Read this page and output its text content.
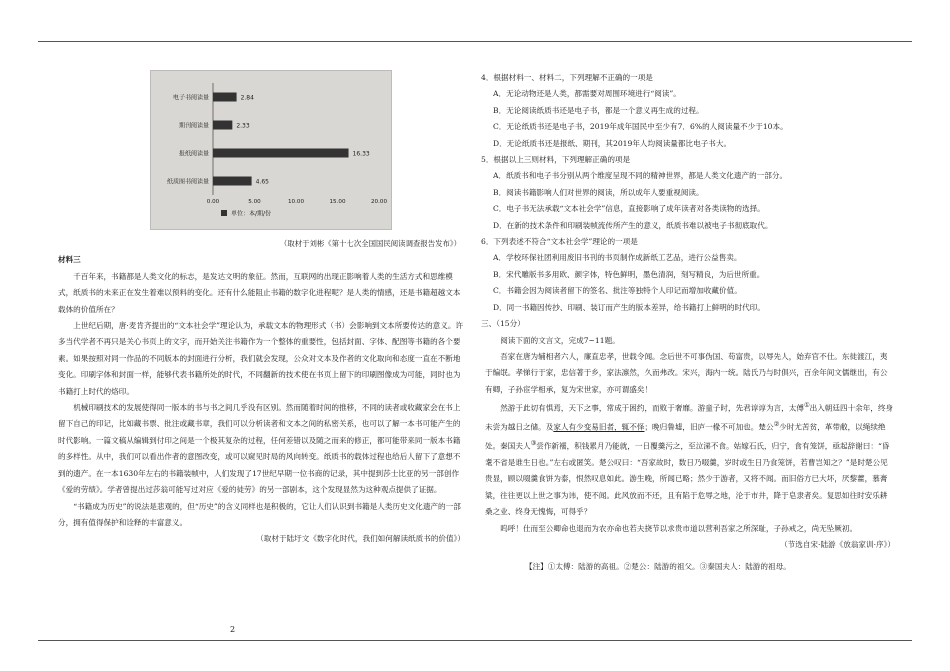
电子书阅读量	2.84
期刊阅读量	2.33
报纸阅读量	16.33
纸质图书阅读量	4.65
0.00	5.00	10.00	15.00	20.00
单位：本/期/份

（取材于刘彬《第十七次全国国民阅读调查报告发布》）

材料三

千百年来，书籍都是人类文化的标志，是发达文明的象征。然而，互联网的出现正影响着人类的生活方式和思维模式，纸质书的未来正在发生着难以预料的变化。还有什么能阻止书籍的数字化进程呢？是人类的情感，还是书籍超越文本载体的价值所在？

上世纪后期，唐·麦肯齐提出的“文本社会学”理论认为，承载文本的物理形式（书）会影响到文本所要传达的意义。许多当代学者不再只是关心书页上的文字，而开始关注书籍作为一个整体的重要性，包括封面、字体、配图等书籍的各个要素。如果按照对同一作品的不同版本的封面进行分析，我们就会发现，公众对文本及作者的文化取向和态度一直在不断地变化。印刷字体和封面一样，能够代表书籍所处的时代，不同翻新的技术使在书页上留下的印刷图像成为可能，同时也为书籍打上时代的烙印。

机械印刷技术的发展使得同一版本的书与书之间几乎没有区别。然而随着时间的推移，不同的读者或收藏家会在书上留下自己的印记，比如藏书票、批注或藏书章，我们可以分析读者和文本之间的私密关系，也可以了解一本书可能产生的时代影响。一篇文稿从编辑到付印之间是一个极其复杂的过程，任何差错以及随之而来的修正，都可能带来同一版本书籍的多样性。从中，我们可以看出作者的意图改变，或可以窥见时局的风向转变。纸质书的载体过程也给后人留下了意想不到的遗产。在一本1630年左右的书籍装帧中，人们发现了17世纪早期一位书商的记录，其中提到莎士比亚的另一部创作《爱的劳绩》。学者曾提出过莎翁可能写过对应《爱的徒劳》的另一部剧本，这个发现显然为这种观点提供了证据。

“书籍成为历史”的说法是悲观的，但“历史”的含义同样也是积极的，它让人们认识到书籍是人类历史文化遗产的一部分，拥有值得保护和诠释的丰富意义。

（取材于陆圩文《数字化时代，我们如何解读纸质书的价值》）

4．根据材料一、材料二，下列理解不正确的一项是

A．无论动物还是人类，都需要对周围环境进行“阅读”。

B．无论阅读纸质书还是电子书，都是一个意义再生成的过程。

C．无论纸质书还是电子书，2019年成年国民中至少有7．6%的人阅读量不少于10本。

D．无论纸质书还是报纸、期刊，其2019年人均阅读量都比电子书大。

5．根据以上三则材料，下列理解正确的项是

A．纸质书和电子书分别从两个维度呈现不同的精神世界，都是人类文化遗产的一部分。

B．阅读书籍影响人们对世界的阅读，所以成年人要重视阅读。

C．电子书无法承载“文本社会学”信息，直接影响了成年读者对各类读物的选择。

D．在新的技术条件和印刷装帧流传所产生的意义，纸质书难以被电子书彻底取代。

6．下列表述不符合“文本社会学”理论的一项是

A．学校环保社团利用废旧书刊的书页制作成新纸工艺品，进行公益售卖。

B．宋代雕版书多用欧、颜字体，特色鲜明，墨色清润，刻写精良，为后世所重。

C．书籍会因为阅读者留下的签名、批注等独特个人印记而增加收藏价值。

D．同一书籍因传抄、印刷、装订而产生的版本差异，给书籍打上鲜明的时代印。

三、（15分）

阅读下面的文言文，完成7~11题。

吾家在唐为辅相者六人，廉直忠孝，世载令闻。念后世不可事伪国、苟富贵，以辱先人，始弃官不仕。东徙渡江，夷于编氓。孝悌行于家，忠信著于乡，家法凛然，久而弗改。宋兴，海内一统。陆氏乃与时俱兴，百余年间文儒继出，有公有卿，子孙宦学相承，复为宋世家，亦可谓盛矣！

然游于此切有惧焉，天下之事，常成于困约，而败于奢靡。游童子时，先君谆谆为言，太傅①出入朝廷四十余年，终身未尝为越日之储。及家人有少变易旧者，辄不怿；晚归鲁墟，旧庐一椽不可加也。楚公②少时尤苦贫，革带敝，以绳续绝处。秦国夫人③尝作新襦，积钱累月乃能就，一日覆羹污之，至泣涕不食。姑嫁石氏，归宁，食有笼饼，亟起辞谢曰：“昏耄不省是谁生日也。”左右或匿笑。楚公叹曰：“吾家故时，数日乃啜羹，岁时或生日乃食笼饼，若曹岂知之？”是时楚公见贵显，顾以啜羹食饼为泰，恨然叹息如此。游生晚，所闻已略；然少于游者，又将不闻。而旧俗方已大坏，厌黎藿，慕膏粱，往往更以上世之事为讳，使不闻。此风放而不还，且有陷于危辱之地，沦于市井，降于皂隶者矣。复思如往时安乐耕桑之业、终身无愧悔，可得乎？

呜呼！仕而至公卿命也退而为农亦命也若夫挠节以求贵市道以营利吾家之所深耻，子孙戒之，尚无坠厥初。

（节选自宋·陆游《放翁家训·序》）

【注】①太傅：陆游的高祖。②楚公：陆游的祖父。③秦国夫人：陆游的祖母。

2
